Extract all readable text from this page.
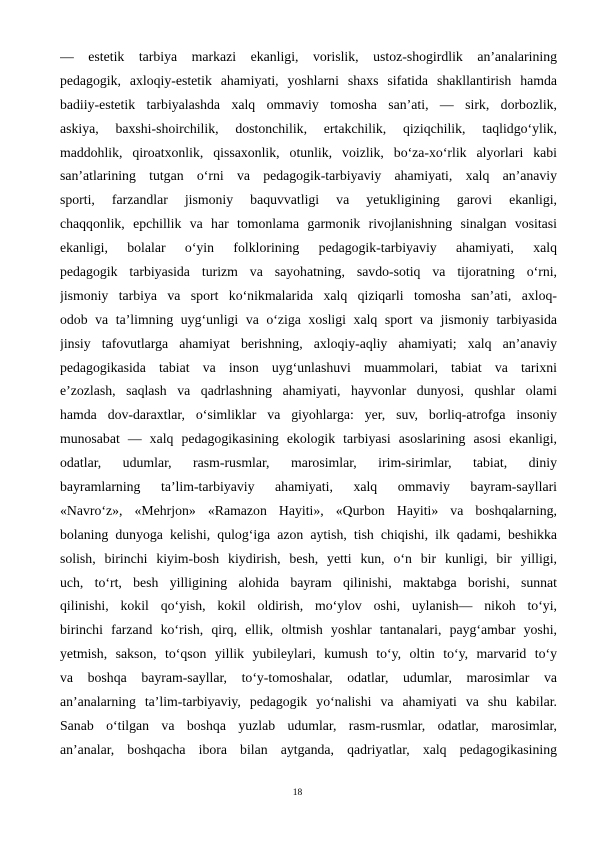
— estetik tarbiya markazi ekanligi, vorislik, ustoz-shogirdlik an’analarining
pedagogik, axloqiy-estetik ahamiyati, yoshlarni shaxs sifatida shakllantirish hamda
badiiy-estetik tarbiyalashda xalq ommaviy tomosha san’ati, — sirk, dorbozlik,
askiya, baxshi-shoirchilik, dostonchilik, ertakchilik, qiziqchilik, taqlidgo‘ylik,
maddohlik, qiroatxonlik, qissaxonlik, otunlik, voizlik, bo‘za-xo‘rlik alyorlari kabi
san’atlarining tutgan o‘rni va pedagogik-tarbiyaviy ahamiyati, xalq an’anaviy
sporti, farzandlar jismoniy baquvvatligi va yetukligining garovi ekanligi,
chaqqonlik, epchillik va har tomonlama garmonik rivojlanishning sinalgan vositasi
ekanligi, bolalar o‘yin folklorining pedagogik-tarbiyaviy ahamiyati, xalq
pedagogik tarbiyasida turizm va sayohatning, savdo-sotiq va tijoratning o‘rni,
jismoniy tarbiya va sport ko‘nikmalarida xalq qiziqarli tomosha san’ati, axloq-
odob va ta’limning uyg‘unligi va o‘ziga xosligi xalq sport va jismoniy tarbiyasida
jinsiy tafovutlarga ahamiyat berishning, axloqiy-aqliy ahamiyati; xalq an’anaviy
pedagogikasida tabiat va inson uyg‘unlashuvi muammolari, tabiat va tarixni
e’zozlash, saqlash va qadrlashning ahamiyati, hayvonlar dunyosi, qushlar olami
hamda dov-daraxtlar, o‘simliklar va giyohlarga: yer, suv, borliq-atrofga insoniy
munosabat — xalq pedagogikasining ekologik tarbiyasi asoslarining asosi ekanligi,
odatlar, udumlar, rasm-rusmlar, marosimlar, irim-sirimlar, tabiat, diniy
bayramlarning ta’lim-tarbiyaviy ahamiyati, xalq ommaviy bayram-sayllari
«Navro‘z», «Mehrjon» «Ramazon Hayiti», «Qurbon Hayiti» va boshqalarning,
bolaning dunyoga kelishi, qulog‘iga azon aytish, tish chiqishi, ilk qadami, beshikka
solish, birinchi kiyim-bosh kiydirish, besh, yetti kun, o‘n bir kunligi, bir yilligi,
uch, to‘rt, besh yilligining alohida bayram qilinishi, maktabga borishi, sunnat
qilinishi, kokil qo‘yish, kokil oldirish, mo‘ylov oshi, uylanish— nikoh to‘yi,
birinchi farzand ko‘rish, qirq, ellik, oltmish yoshlar tantanalari, payg‘ambar yoshi,
yetmish, sakson, to‘qson yillik yubileylari, kumush to‘y, oltin to‘y, marvarid to‘y
va boshqa bayram-sayllar, to‘y-tomoshalar, odatlar, udumlar, marosimlar va
an’analarning ta’lim-tarbiyaviy, pedagogik yo‘nalishi va ahamiyati va shu kabilar.
Sanab o‘tilgan va boshqa yuzlab udumlar, rasm-rusmlar, odatlar, marosimlar,
an’analar, boshqacha ibora bilan aytganda, qadriyatlar, xalq pedagogikasining
18
